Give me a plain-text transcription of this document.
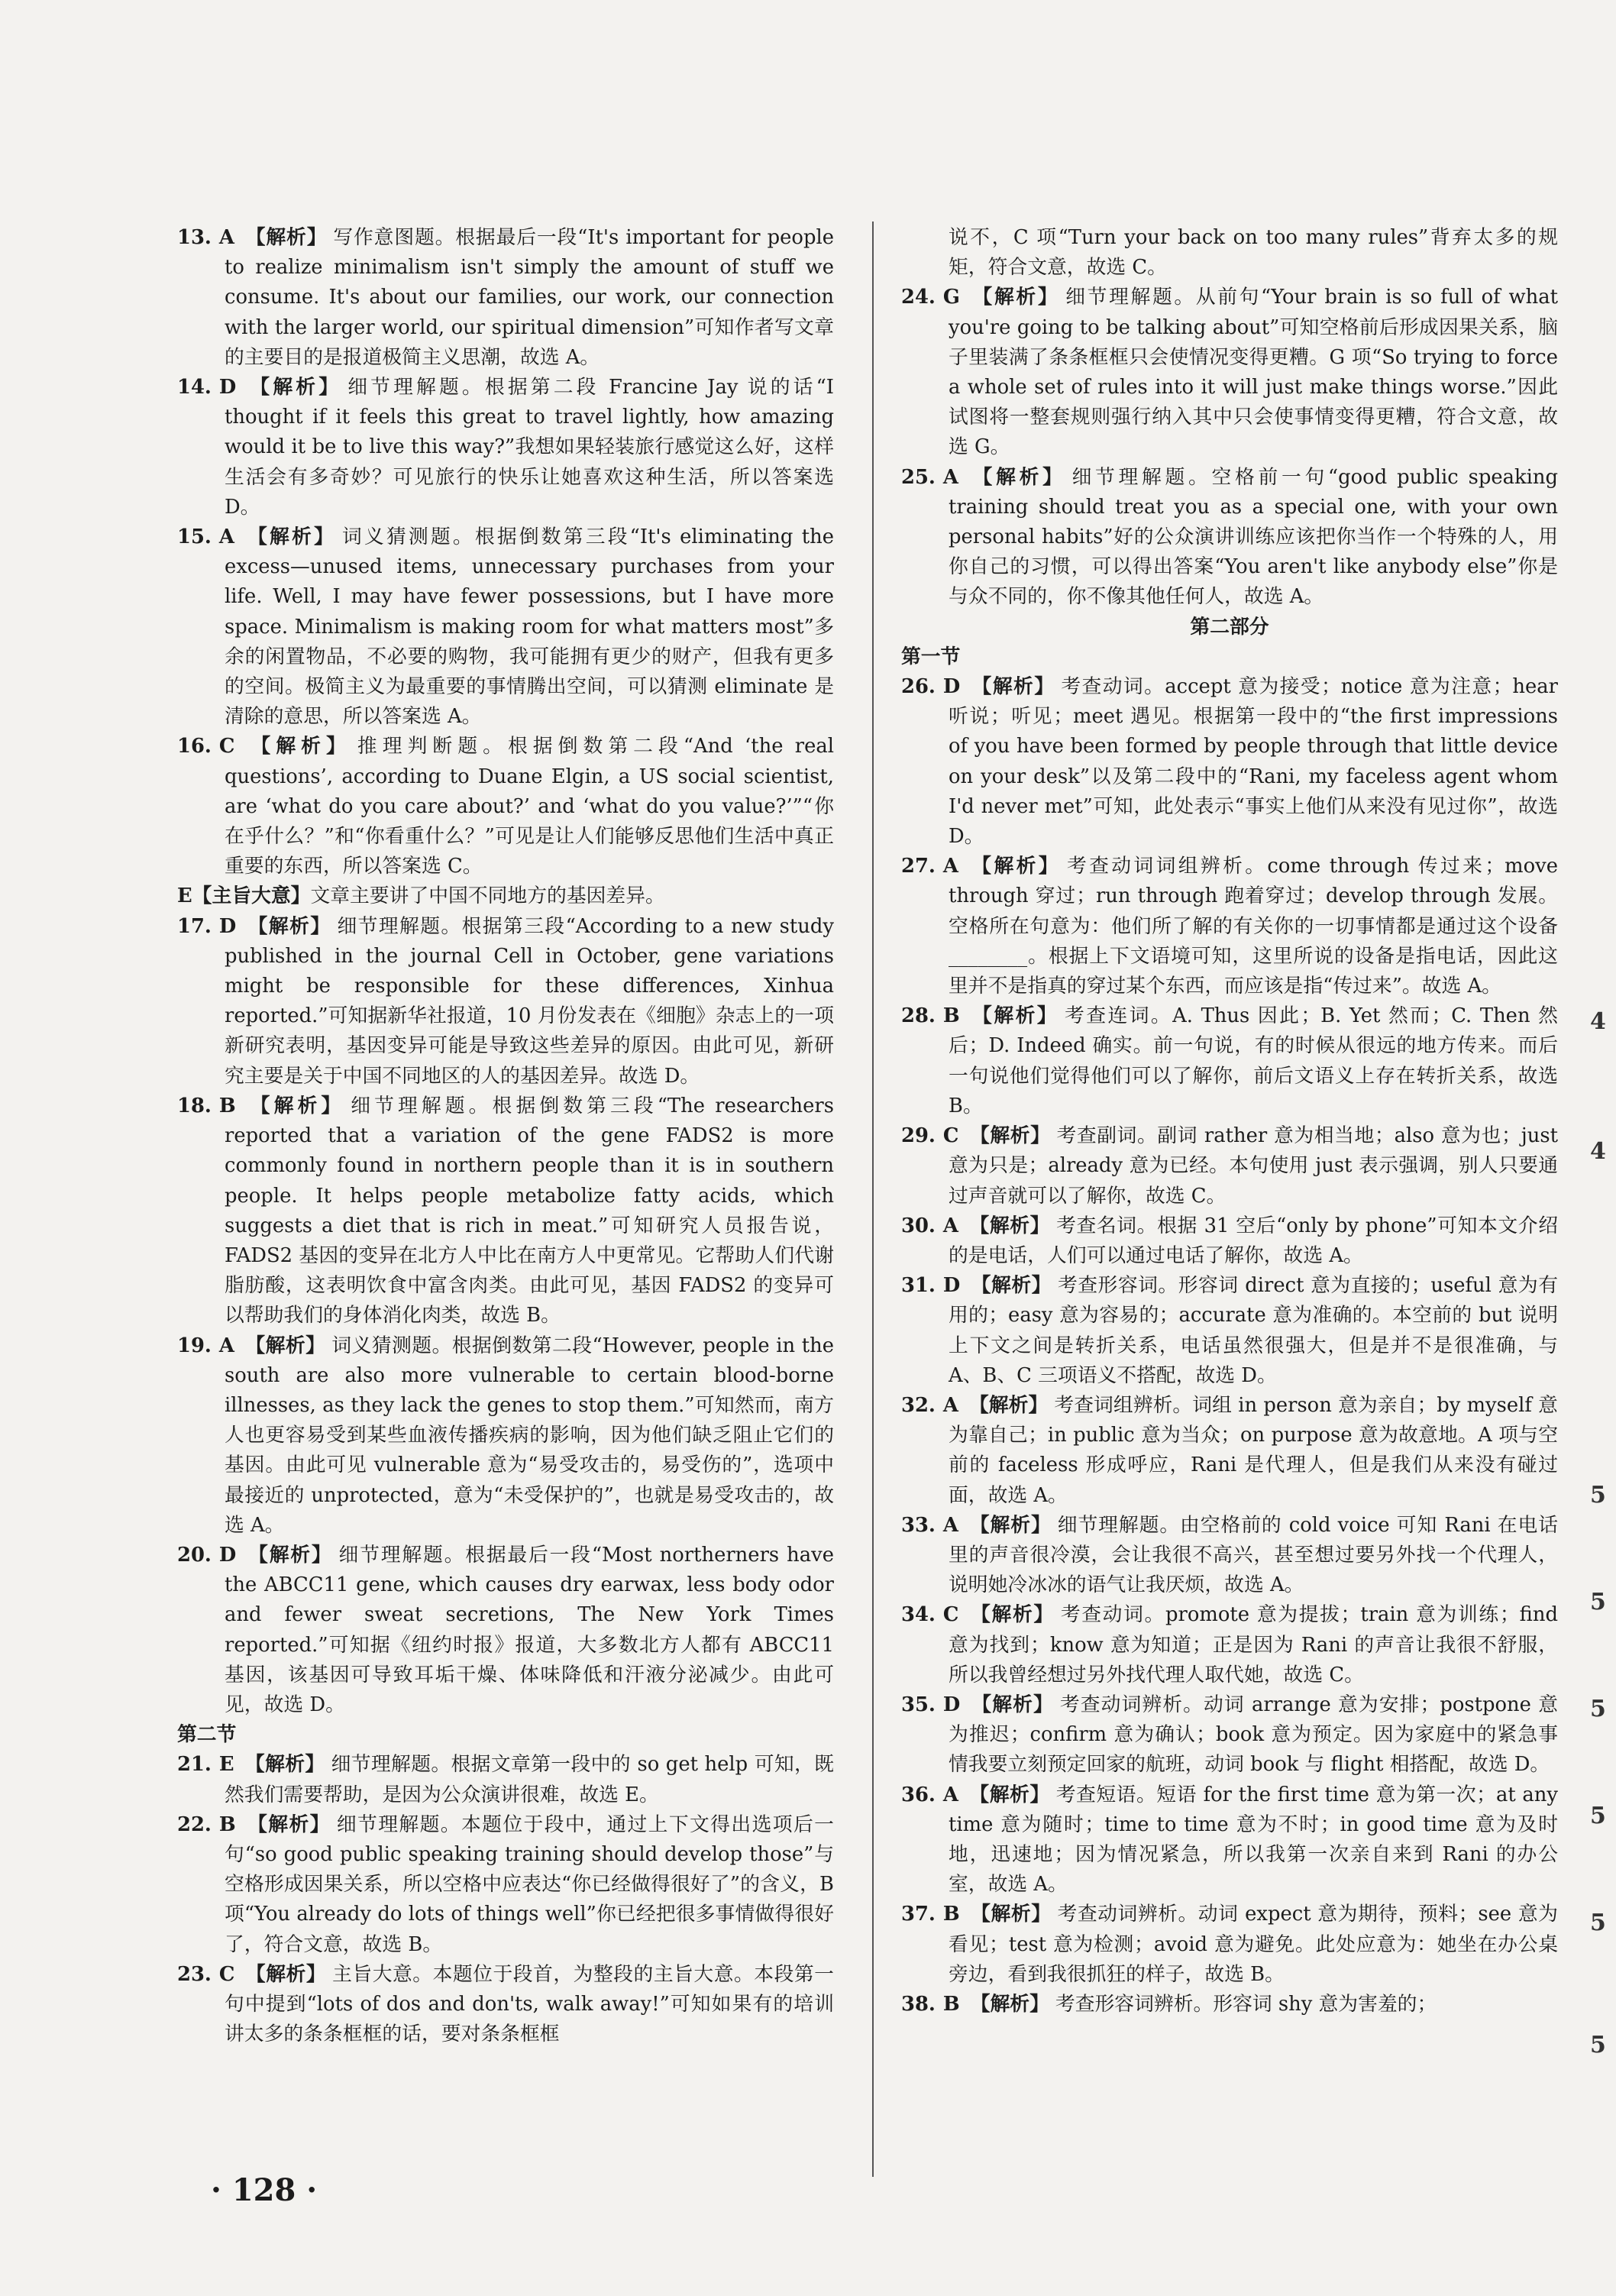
13. A 【解析】 写作意图题。根据最后一段“It's important for people to realize minimalism isn't simply the amount of stuff we consume. It's about our families, our work, our connection with the larger world, our spiritual dimension”可知作者写文章的主要目的是报道极简主义思潮，故选 A。

14. D 【解析】 细节理解题。根据第二段 Francine Jay 说的话“I thought if it feels this great to travel lightly, how amazing would it be to live this way?”我想如果轻装旅行感觉这么好，这样生活会有多奇妙？可见旅行的快乐让她喜欢这种生活，所以答案选 D。

15. A 【解析】 词义猜测题。根据倒数第三段“It's eliminating the excess—unused items, unnecessary purchases from your life. Well, I may have fewer possessions, but I have more space. Minimalism is making room for what matters most”多余的闲置物品，不必要的购物，我可能拥有更少的财产，但我有更多的空间。极简主义为最重要的事情腾出空间，可以猜测 eliminate 是清除的意思，所以答案选 A。

16. C 【解析】 推理判断题。根据倒数第二段“And ‘the real questions’, according to Duane Elgin, a US social scientist, are ‘what do you care about?’ and ‘what do you value?’”“你在乎什么？”和“你看重什么？”可见是让人们能够反思他们生活中真正重要的东西，所以答案选 C。

E【主旨大意】文章主要讲了中国不同地方的基因差异。

17. D 【解析】 细节理解题。根据第三段“According to a new study published in the journal Cell in October, gene variations might be responsible for these differences, Xinhua reported.”可知据新华社报道，10 月份发表在《细胞》杂志上的一项新研究表明，基因变异可能是导致这些差异的原因。由此可见，新研究主要是关于中国不同地区的人的基因差异。故选 D。

18. B 【解析】 细节理解题。根据倒数第三段“The researchers reported that a variation of the gene FADS2 is more commonly found in northern people than it is in southern people. It helps people metabolize fatty acids, which suggests a diet that is rich in meat.”可知研究人员报告说，FADS2 基因的变异在北方人中比在南方人中更常见。它帮助人们代谢脂肪酸，这表明饮食中富含肉类。由此可见，基因 FADS2 的变异可以帮助我们的身体消化肉类，故选 B。

19. A 【解析】 词义猜测题。根据倒数第二段“However, people in the south are also more vulnerable to certain blood-borne illnesses, as they lack the genes to stop them.”可知然而，南方人也更容易受到某些血液传播疾病的影响，因为他们缺乏阻止它们的基因。由此可见 vulnerable 意为“易受攻击的，易受伤的”，选项中最接近的 unprotected，意为“未受保护的”，也就是易受攻击的，故选 A。

20. D 【解析】 细节理解题。根据最后一段“Most northerners have the ABCC11 gene, which causes dry earwax, less body odor and fewer sweat secretions, The New York Times reported.”可知据《纽约时报》报道，大多数北方人都有 ABCC11 基因，该基因可导致耳垢干燥、体味降低和汗液分泌减少。由此可见，故选 D。

第二节

21. E 【解析】 细节理解题。根据文章第一段中的 so get help 可知，既然我们需要帮助，是因为公众演讲很难，故选 E。

22. B 【解析】 细节理解题。本题位于段中，通过上下文得出选项后一句“so good public speaking training should develop those”与空格形成因果关系，所以空格中应表达“你已经做得很好了”的含义，B 项“You already do lots of things well”你已经把很多事情做得很好了，符合文意，故选 B。

23. C 【解析】 主旨大意。本题位于段首，为整段的主旨大意。本段第一句中提到“lots of dos and don'ts, walk away!”可知如果有的培训讲太多的条条框框的话，要对条条框框

说不，C 项“Turn your back on too many rules”背弃太多的规矩，符合文意，故选 C。

24. G 【解析】 细节理解题。从前句“Your brain is so full of what you're going to be talking about”可知空格前后形成因果关系，脑子里装满了条条框框只会使情况变得更糟。G 项“So trying to force a whole set of rules into it will just make things worse.”因此试图将一整套规则强行纳入其中只会使事情变得更糟，符合文意，故选 G。

25. A 【解析】 细节理解题。空格前一句“good public speaking training should treat you as a special one, with your own personal habits”好的公众演讲训练应该把你当作一个特殊的人，用你自己的习惯，可以得出答案“You aren't like anybody else”你是与众不同的，你不像其他任何人，故选 A。

第二部分

第一节

26. D 【解析】 考查动词。accept 意为接受；notice 意为注意；hear 听说；听见；meet 遇见。根据第一段中的“the first impressions of you have been formed by people through that little device on your desk”以及第二段中的“Rani, my faceless agent whom I'd never met”可知，此处表示“事实上他们从来没有见过你”，故选 D。

27. A 【解析】 考查动词词组辨析。come through 传过来；move through 穿过；run through 跑着穿过；develop through 发展。空格所在句意为：他们所了解的有关你的一切事情都是通过这个设备________。根据上下文语境可知，这里所说的设备是指电话，因此这里并不是指真的穿过某个东西，而应该是指“传过来”。故选 A。

28. B 【解析】 考查连词。A. Thus 因此；B. Yet 然而；C. Then 然后；D. Indeed 确实。前一句说，有的时候从很远的地方传来。而后一句说他们觉得他们可以了解你，前后文语义上存在转折关系，故选 B。

29. C 【解析】 考查副词。副词 rather 意为相当地；also 意为也；just 意为只是；already 意为已经。本句使用 just 表示强调，别人只要通过声音就可以了解你，故选 C。

30. A 【解析】 考查名词。根据 31 空后“only by phone”可知本文介绍的是电话，人们可以通过电话了解你，故选 A。

31. D 【解析】 考查形容词。形容词 direct 意为直接的；useful 意为有用的；easy 意为容易的；accurate 意为准确的。本空前的 but 说明上下文之间是转折关系，电话虽然很强大，但是并不是很准确，与 A、B、C 三项语义不搭配，故选 D。

32. A 【解析】 考查词组辨析。词组 in person 意为亲自；by myself 意为靠自己；in public 意为当众；on purpose 意为故意地。A 项与空前的 faceless 形成呼应，Rani 是代理人，但是我们从来没有碰过面，故选 A。

33. A 【解析】 细节理解题。由空格前的 cold voice 可知 Rani 在电话里的声音很冷漠，会让我很不高兴，甚至想过要另外找一个代理人，说明她冷冰冰的语气让我厌烦，故选 A。

34. C 【解析】 考查动词。promote 意为提拔；train 意为训练；find 意为找到；know 意为知道；正是因为 Rani 的声音让我很不舒服，所以我曾经想过另外找代理人取代她，故选 C。

35. D 【解析】 考查动词辨析。动词 arrange 意为安排；postpone 意为推迟；confirm 意为确认；book 意为预定。因为家庭中的紧急事情我要立刻预定回家的航班，动词 book 与 flight 相搭配，故选 D。

36. A 【解析】 考查短语。短语 for the first time 意为第一次；at any time 意为随时；time to time 意为不时；in good time 意为及时地，迅速地；因为情况紧急，所以我第一次亲自来到 Rani 的办公室，故选 A。

37. B 【解析】 考查动词辨析。动词 expect 意为期待，预料；see 意为看见；test 意为检测；avoid 意为避免。此处应意为：她坐在办公桌旁边，看到我很抓狂的样子，故选 B。

38. B 【解析】 考查形容词辨析。形容词 shy 意为害羞的；

· 128 ·
4
4
5
5
5
5
5
5
